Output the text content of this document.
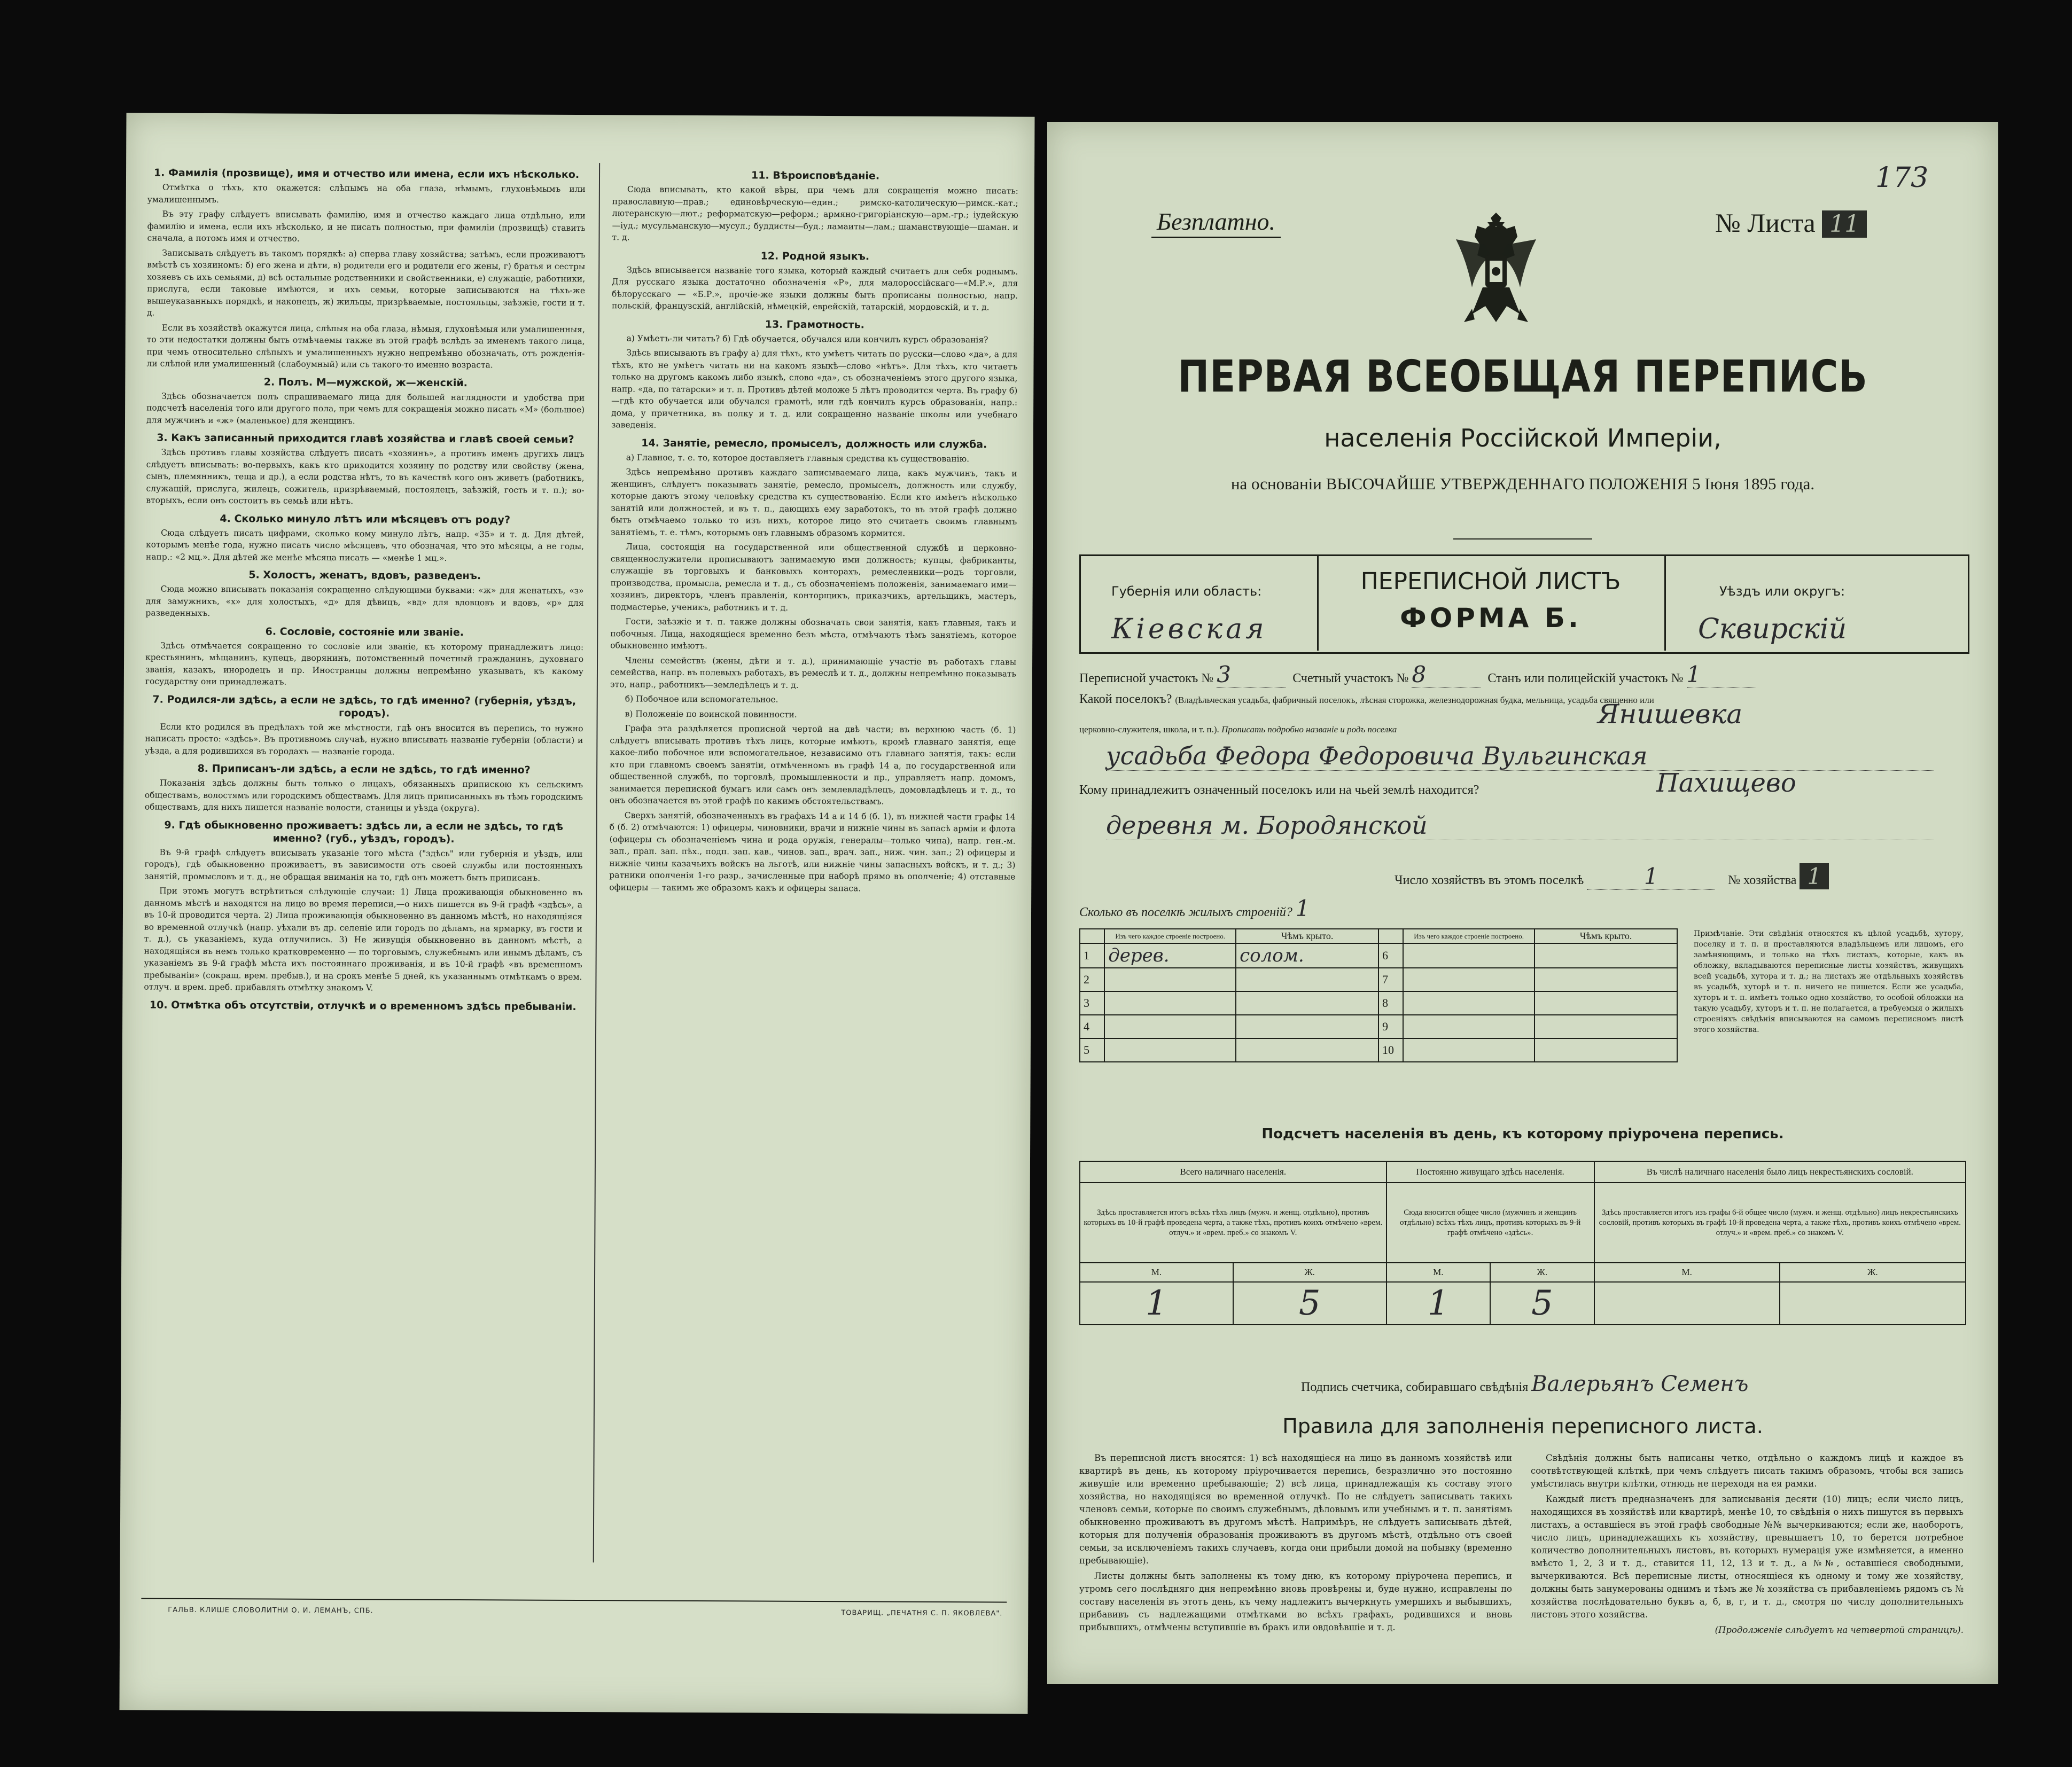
1. Фамилія (прозвище), имя и отчество или имена, если ихъ нѣсколько.

Отмѣтка о тѣхъ, кто окажется: слѣпымъ на оба глаза, нѣмымъ, глухонѣмымъ или умалишеннымъ.

Въ эту графу слѣдуетъ вписывать фамилію, имя и отчество каждаго лица отдѣльно, или фамилію и имена, если ихъ нѣсколько, и не писать полностью, при фамиліи (прозвищѣ) ставить сначала, а потомъ имя и отчество.

Записывать слѣдуетъ въ такомъ порядкѣ: а) сперва главу хозяйства; затѣмъ, если проживаютъ вмѣстѣ съ хозяиномъ: б) его жена и дѣти, в) родители его и родители его жены, г) братья и сестры хозяевъ съ ихъ семьями, д) всѣ остальные родственники и свойственники, е) служащіе, работники, прислуга, если таковые имѣются, и ихъ семьи, которые записываются на тѣхъ-же вышеуказанныхъ порядкѣ, и наконецъ, ж) жильцы, призрѣваемые, постояльцы, заѣзжіе, гости и т. д.

Если въ хозяйствѣ окажутся лица, слѣпыя на оба глаза, нѣмыя, глухонѣмыя или умалишенныя, то эти недостатки должны быть отмѣчаемы также въ этой графѣ вслѣдъ за именемъ такого лица, при чемъ относительно слѣпыхъ и умалишенныхъ нужно непремѣнно обозначать, отъ рожденія-ли слѣпой или умалишенный (слабоумный) или съ такого-то именно возраста.

2. Полъ. М—мужской, ж—женскій.

Здѣсь обозначается полъ спрашиваемаго лица для большей наглядности и удобства при подсчетѣ населенія того или другого пола, при чемъ для сокращенія можно писать «М» (большое) для мужчинъ и «ж» (маленькое) для женщинъ.

3. Какъ записанный приходится главѣ хозяйства и главѣ своей семьи?

Здѣсь противъ главы хозяйства слѣдуетъ писать «хозяинъ», а противъ именъ другихъ лицъ слѣдуетъ вписывать: во-первыхъ, какъ кто приходится хозяину по родству или свойству (жена, сынъ, племянникъ, теща и др.), а если родства нѣтъ, то въ качествѣ кого онъ живетъ (работникъ, служащій, прислуга, жилецъ, сожитель, призрѣваемый, постоялецъ, заѣзжій, гость и т. п.); во-вторыхъ, если онъ состоитъ въ семьѣ или нѣтъ.

4. Сколько минуло лѣтъ или мѣсяцевъ отъ роду?

Сюда слѣдуетъ писать цифрами, сколько кому минуло лѣтъ, напр. «35» и т. д. Для дѣтей, которымъ менѣе года, нужно писать число мѣсяцевъ, что обозначая, что это мѣсяцы, а не годы, напр.: «2 мц.». Для дѣтей же менѣе мѣсяца писать — «менѣе 1 мц.».

5. Холостъ, женатъ, вдовъ, разведенъ.

Сюда можно вписывать показанія сокращенно слѣдующими буквами: «ж» для женатыхъ, «з» для замужнихъ, «х» для холостыхъ, «д» для дѣвицъ, «вд» для вдовцовъ и вдовъ, «р» для разведенныхъ.

6. Сословіе, состояніе или званіе.

Здѣсь отмѣчается сокращенно то сословіе или званіе, къ которому принадлежитъ лицо: крестьянинъ, мѣщанинъ, купецъ, дворянинъ, потомственный почетный гражданинъ, духовнаго званія, казакъ, инородецъ и пр. Иностранцы должны непремѣнно указывать, къ какому государству они принадлежатъ.

7. Родился-ли здѣсь, а если не здѣсь, то гдѣ именно? (губернія, уѣздъ, городъ).

Если кто родился въ предѣлахъ той же мѣстности, гдѣ онъ вносится въ перепись, то нужно написать просто: «здѣсь». Въ противномъ случаѣ, нужно вписывать названіе губерніи (области) и уѣзда, а для родившихся въ городахъ — названіе города.

8. Приписанъ-ли здѣсь, а если не здѣсь, то гдѣ именно?

Показанія здѣсь должны быть только о лицахъ, обязанныхъ припискою къ сельскимъ обществамъ, волостямъ или городскимъ обществамъ. Для лицъ приписанныхъ въ тѣмъ городскимъ обществамъ, для нихъ пишется названіе волости, станицы и уѣзда (округа).

9. Гдѣ обыкновенно проживаетъ: здѣсь ли, а если не здѣсь, то гдѣ именно? (губ., уѣздъ, городъ).

Въ 9-й графѣ слѣдуетъ вписывать указаніе того мѣста ("здѣсь" или губернія и уѣздъ, или городъ), гдѣ обыкновенно проживаетъ, въ зависимости отъ своей службы или постоянныхъ занятій, промысловъ и т. д., не обращая вниманія на то, гдѣ онъ можетъ быть приписанъ.

При этомъ могутъ встрѣтиться слѣдующіе случаи: 1) Лица проживающія обыкновенно въ данномъ мѣстѣ и находятся на лицо во время переписи,—о нихъ пишется въ 9-й графѣ «здѣсь», а въ 10-й проводится черта. 2) Лица проживающія обыкновенно въ данномъ мѣстѣ, но находящіяся во временной отлучкѣ (напр. уѣхали въ др. селеніе или городъ по дѣламъ, на ярмарку, въ гости и т. д.), съ указаніемъ, куда отлучились. 3) Не живущія обыкновенно въ данномъ мѣстѣ, а находящіяся въ немъ только кратковременно — по торговымъ, служебнымъ или инымъ дѣламъ, съ указаніемъ въ 9-й графѣ мѣста ихъ постояннаго проживанія, и въ 10-й графѣ «въ временномъ пребываніи» (сокращ. врем. пребыв.), и на срокъ менѣе 5 дней, къ указаннымъ отмѣткамъ о врем. отлуч. и врем. преб. прибавлять отмѣтку знакомъ V.

10. Отмѣтка объ отсутствіи, отлучкѣ и о временномъ здѣсь пребываніи.
11. Вѣроисповѣданіе.

Сюда вписывать, кто какой вѣры, при чемъ для сокращенія можно писать: православную—прав.; единовѣрческую—един.; римско-католическую—римск.-кат.; лютеранскую—лют.; реформатскую—реформ.; армяно-григоріанскую—арм.-гр.; іудейскую—іуд.; мусульманскую—мусул.; буддисты—буд.; ламаиты—лам.; шаманствующіе—шаман. и т. д.

12. Родной языкъ.

Здѣсь вписывается названіе того языка, который каждый считаетъ для себя роднымъ. Для русскаго языка достаточно обозначенія «Р», для малороссійскаго—«М.Р.», для бѣлорусскаго — «Б.Р.», прочіе-же языки должны быть прописаны полностью, напр. польскій, французскій, англійскій, нѣмецкій, еврейскій, татарскій, мордовскій, и т. д.

13. Грамотность.

а) Умѣетъ-ли читать? б) Гдѣ обучается, обучался или кончилъ курсъ образованія?

Здѣсь вписывають въ графу а) для тѣхъ, кто умѣетъ читать по русски—слово «да», а для тѣхъ, кто не умѣетъ читать ни на какомъ языкѣ—слово «нѣтъ». Для тѣхъ, кто читаетъ только на другомъ какомъ либо языкѣ, слово «да», съ обозначеніемъ этого другого языка, напр. «да, по татарски» и т. п. Противъ дѣтей моложе 5 лѣтъ проводится черта. Въ графу б)—гдѣ кто обучается или обучался грамотѣ, или гдѣ кончилъ курсъ образованія, напр.: дома, у причетника, въ полку и т. д. или сокращенно названіе школы или учебнаго заведенія.

14. Занятіе, ремесло, промыселъ, должность или служба.

а) Главное, т. е. то, которое доставляетъ главныя средства къ существованію.

Здѣсь непремѣнно противъ каждаго записываемаго лица, какъ мужчинъ, такъ и женщинъ, слѣдуетъ показывать занятіе, ремесло, промыселъ, должность или службу, которые даютъ этому человѣку средства къ существованію. Если кто имѣетъ нѣсколько занятій или должностей, и въ т. п., дающихъ ему заработокъ, то въ этой графѣ должно быть отмѣчаемо только то изъ нихъ, которое лицо это считаетъ своимъ главнымъ занятіемъ, т. е. тѣмъ, которымъ онъ главнымъ образомъ кормится.

Лица, состоящія на государственной или общественной службѣ и церковно-священнослужители прописываютъ занимаемую ими должность; купцы, фабриканты, служащіе въ торговыхъ и банковыхъ конторахъ, ремесленники—родъ торговли, производства, промысла, ремесла и т. д., съ обозначеніемъ положенія, занимаемаго ими—хозяинъ, директоръ, членъ правленія, конторщикъ, приказчикъ, артельщикъ, мастеръ, подмастерье, ученикъ, работникъ и т. д.

Гости, заѣзжіе и т. п. также должны обозначать свои занятія, какъ главныя, такъ и побочныя. Лица, находящіеся временно безъ мѣста, отмѣчаютъ тѣмъ занятіемъ, которое обыкновенно имѣютъ.

Члены семействъ (жены, дѣти и т. д.), принимающіе участіе въ работахъ главы семейства, напр. въ полевыхъ работахъ, въ ремеслѣ и т. д., должны непремѣнно показывать это, напр., работникъ—земледѣлецъ и т. д.

б) Побочное или вспомогательное.

в) Положеніе по воинской повинности.

Графа эта раздѣляется прописной чертой на двѣ части; въ верхнюю часть (б. 1) слѣдуетъ вписывать противъ тѣхъ лицъ, которые имѣютъ, кромѣ главнаго занятія, еще какое-либо побочное или вспомогательное, независимо отъ главнаго занятія, такъ: если кто при главномъ своемъ занятіи, отмѣченномъ въ графѣ 14 а, по государственной или общественной службѣ, по торговлѣ, промышленности и пр., управляетъ напр. домомъ, занимается перепиской бумагъ или самъ онъ землевладѣлецъ, домовладѣлецъ и т. д., то онъ обозначается въ этой графѣ по какимъ обстоятельствамъ.

Сверхъ занятій, обозначенныхъ въ графахъ 14 а и 14 б (б. 1), въ нижней части графы 14 б (б. 2) отмѣчаются: 1) офицеры, чиновники, врачи и нижніе чины въ запасѣ арміи и флота (офицеры съ обозначеніемъ чина и рода оружія, генералы—только чина), напр. ген.-м. зап., прап. зап. пѣх., подп. зап. кав., чинов. зап., врач. зап., ниж. чин. зап.; 2) офицеры и нижніе чины казачьихъ войскъ на льготѣ, или нижніе чины запасныхъ войскъ, и т. д.; 3) ратники ополченія 1-го разр., зачисленные при наборѣ прямо въ ополченіе; 4) отставные офицеры — такимъ же образомъ какъ и офицеры запаса.

ГАЛЬВ. КЛИШЕ СЛОВОЛИТНИ О. И. ЛЕМАНЪ, СПБ.	ТОВАРИЩ. „ПЕЧАТНЯ С. П. ЯКОВЛЕВА".
Безплатно.	№ Листа 11
173
ПЕРВАЯ ВСЕОБЩАЯ ПЕРЕПИСЬ
населенія Россійской Имперіи,
на основаніи ВЫСОЧАЙШЕ УТВЕРЖДЕННАГО ПОЛОЖЕНІЯ 5 Іюня 1895 года.
Губернія или область:
Кіевская
ПЕРЕПИСНОЙ ЛИСТЪ
ФОРМА Б.
Уѣздъ или округъ:
Сквирскій
Переписной участокъ № 3	Счетный участокъ № 8	Станъ или полицейскій участокъ № 1
Какой поселокъ? (Владѣльческая усадьба, фабричный поселокъ, лѣсная сторожка, железнодорожная будка, мельница, усадьба священно или
церковно-служителя, школа, и т. п.). Прописать подробно названіе и родъ поселка	Янишевка
усадьба Федора Федоровича Вульгинская
Кому принадлежитъ означенный поселокъ или на чьей землѣ находится?	Пахищево
деревня м. Бородянской
Число хозяйствъ въ этомъ поселкѣ	1	№ хозяйства 1
Сколько въ поселкѣ жилыхъ строеній? 1
	Изъ чего каждое строеніе построено.	Чѣмъ крыто.		Изъ чего каждое строеніе построено.	Чѣмъ крыто.
1	дерев.	солом.	6		
2			7		
3			8		
4			9		
5			10		
Примѣчаніе. Эти свѣдѣнія относятся къ цѣлой усадьбѣ, хутору, поселку и т. п. и проставляются владѣльцемъ или лицомъ, его замѣняющимъ, и только на тѣхъ листахъ, которые, какъ въ обложку, вкладываются переписные листы хозяйствъ, живущихъ всей усадьбѣ, хутора и т. д.; на листахъ же отдѣльныхъ хозяйствъ въ усадьбѣ, хуторѣ и т. п. ничего не пишется. Если же усадьба, хуторъ и т. п. имѣетъ только одно хозяйство, то особой обложки на такую усадьбу, хуторъ и т. п. не полагается, а требуемыя о жилыхъ строеніяхъ свѣдѣнія вписываются на самомъ переписномъ листѣ этого хозяйства.
Подсчетъ населенія въ день, къ которому пріурочена перепись.
Всего наличнаго населенія.		Постоянно живущаго здѣсь населенія.		Въ числѣ наличнаго населенія было лицъ некрестьянскихъ сословій.	
Здѣсь проставляется итогъ всѣхъ тѣхъ лицъ (мужч. и женщ. отдѣльно), противъ которыхъ въ 10-й графѣ проведена черта, а также тѣхъ, противъ коихъ отмѣчено «врем. отлуч.» и «врем. преб.» со знакомъ V.		Сюда вносится общее число (мужчинъ и женщинъ отдѣльно) всѣхъ тѣхъ лицъ, противъ которыхъ въ 9-й графѣ отмѣчено «здѣсь».		Здѣсь проставляется итогъ изъ графы 6-й общее число (мужч. и женщ. отдѣльно) лицъ некрестьянскихъ сословій, противъ которыхъ въ графѣ 10-й проведена черта, а также тѣхъ, противъ коихъ отмѣчено «врем. отлуч.» и «врем. преб.» со знакомъ V.	
М.	Ж.	М.	Ж.	М.	Ж.
1	5	1	5		
Подпись счетчика, собиравшаго свѣдѣнія Валерьянъ Семенъ
Правила для заполненія переписного листа.

Въ переписной листъ вносятся: 1) всѣ находящіеся на лицо въ данномъ хозяйствѣ или квартирѣ въ день, къ которому пріурочивается перепись, безразлично это постоянно живущіе или временно пребывающіе; 2) всѣ лица, принадлежащія къ составу этого хозяйства, но находящіяся во временной отлучкѣ. По не слѣдуетъ записывать такихъ членовъ семьи, которые по своимъ служебнымъ, дѣловымъ или учебнымъ и т. п. занятіямъ обыкновенно проживаютъ въ другомъ мѣстѣ. Напримѣръ, не слѣдуетъ записывать дѣтей, которыя для полученія образованія проживаютъ въ другомъ мѣстѣ, отдѣльно отъ своей семьи, за исключеніемъ такихъ случаевъ, когда они прибыли домой на побывку (временно пребывающіе).

Листы должны быть заполнены къ тому дню, къ которому пріурочена перепись, и утромъ сего послѣдняго дня непремѣнно вновь провѣрены и, буде нужно, исправлены по составу населенія въ этотъ день, къ чему надлежитъ вычеркнуть умершихъ и выбывшихъ, прибавивъ съ надлежащими отмѣтками во всѣхъ графахъ, родившихся и вновь прибывшихъ, отмѣчены вступившіе въ бракъ или овдовѣвшіе и т. д.

Свѣдѣнія должны быть написаны четко, отдѣльно о каждомъ лицѣ и каждое въ соотвѣтствующей клѣткѣ, при чемъ слѣдуетъ писать такимъ образомъ, чтобы вся запись умѣстилась внутри клѣтки, отнюдь не переходя на ея рамки.

Каждый листъ предназначенъ для записыванія десяти (10) лицъ; если число лицъ, находящихся въ хозяйствѣ или квартирѣ, менѣе 10, то свѣдѣнія о нихъ пишутся въ первыхъ листахъ, а оставшіеся въ этой графѣ свободные №№ вычеркиваются; если же, наоборотъ, число лицъ, принадлежащихъ къ хозяйству, превышаетъ 10, то берется потребное количество дополнительныхъ листовъ, въ которыхъ нумерація уже измѣняется, а именно вмѣсто 1, 2, 3 и т. д., ставится 11, 12, 13 и т. д., а №№, оставшіеся свободными, вычеркиваются. Всѣ переписные листы, относящіеся къ одному и тому же хозяйству, должны быть занумерованы однимъ и тѣмъ же № хозяйства съ прибавленіемъ рядомъ съ № хозяйства послѣдовательно буквъ а, б, в, г, и т. д., смотря по числу дополнительныхъ листовъ этого хозяйства.

(Продолженіе слѣдуетъ на четвертой страницѣ).
